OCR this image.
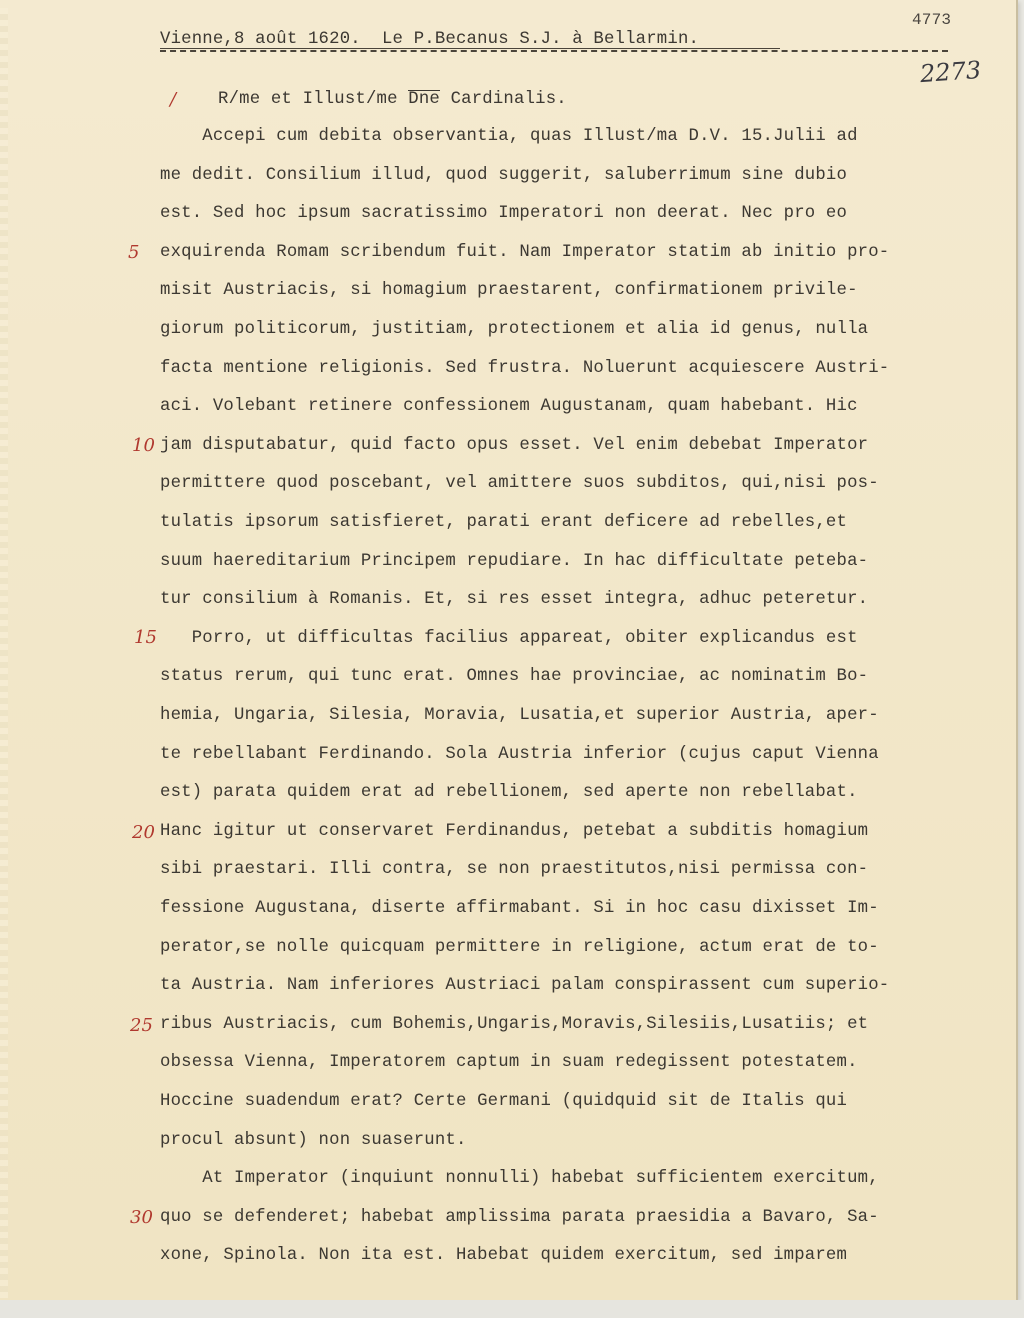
4773
Vienne,8 août 1620.  Le P.Becanus S.J. à Bellarmin.
2273
/ R/me et Illust/me Dne Cardinalis.
Accepi cum debita observantia, quas Illust/ma D.V. 15.Julii ad
me dedit. Consilium illud, quod suggerit, saluberrimum sine dubio
est. Sed hoc ipsum sacratissimo Imperatori non deerat. Nec pro eo
exquirenda Romam scribendum fuit. Nam Imperator statim ab initio pro-
misit Austriacis, si homagium praestarent, confirmationem privile-
giorum politicorum, justitiam, protectionem et alia id genus, nulla
facta mentione religionis. Sed frustra. Noluerunt acquiescere Austri-
aci. Volebant retinere confessionem Augustanam, quam habebant. Hic
jam disputabatur, quid facto opus esset. Vel enim debebat Imperator
permittere quod poscebant, vel amittere suos subditos, qui,nisi pos-
tulatis ipsorum satisfieret, parati erant deficere ad rebelles,et
suum haereditarium Principem repudiare. In hac difficultate peteba-
tur consilium à Romanis. Et, si res esset integra, adhuc peteretur.
Porro, ut difficultas facilius appareat, obiter explicandus est
status rerum, qui tunc erat. Omnes hae provinciae, ac nominatim Bo-
hemia, Ungaria, Silesia, Moravia, Lusatia,et superior Austria, aper-
te rebellabant Ferdinando. Sola Austria inferior (cujus caput Vienna
est) parata quidem erat ad rebellionem, sed aperte non rebellabat.
Hanc igitur ut conservaret Ferdinandus, petebat a subditis homagium
sibi praestari. Illi contra, se non praestitutos,nisi permissa con-
fessione Augustana, diserte affirmabant. Si in hoc casu dixisset Im-
perator,se nolle quicquam permittere in religione, actum erat de to-
ta Austria. Nam inferiores Austriaci palam conspirassent cum superio-
ribus Austriacis, cum Bohemis,Ungaris,Moravis,Silesiis,Lusatiis; et
obsessa Vienna, Imperatorem captum in suam redegissent potestatem.
Hoccine suadendum erat? Certe Germani (quidquid sit de Italis qui
procul absunt) non suaserunt.
At Imperator (inquiunt nonnulli) habebat sufficientem exercitum,
quo se defenderet; habebat amplissima parata praesidia a Bavaro, Sa-
xone, Spinola. Non ita est. Habebat quidem exercitum, sed imparem
5
10
15
20
25
30
